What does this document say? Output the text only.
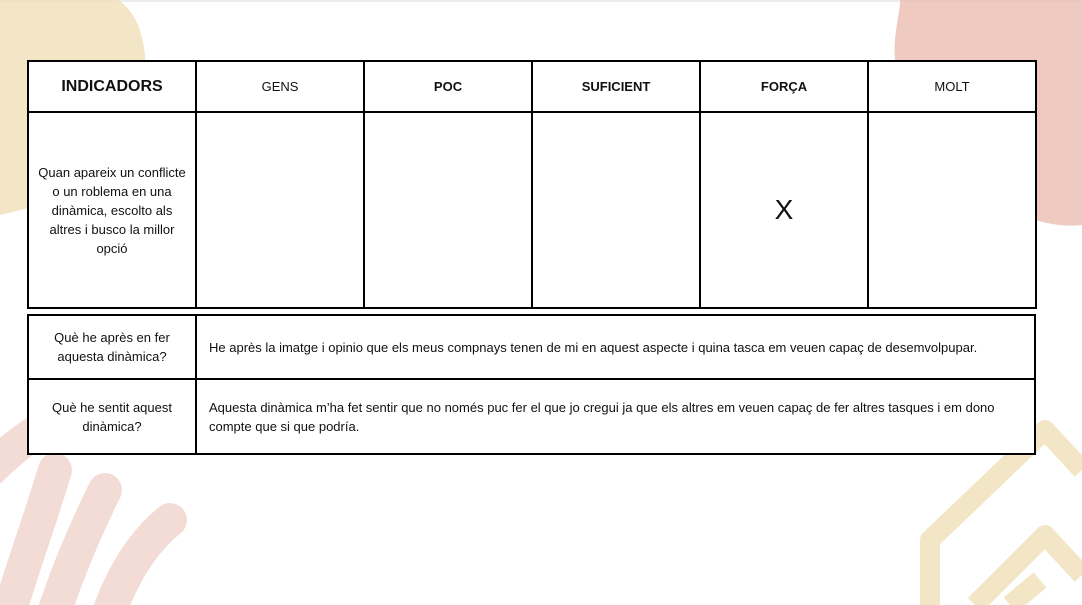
INDICADORS	GENS	POC	SUFICIENT	FORÇA	MOLT
Quan apareix un conflicte o un roblema en una dinàmica, escolto als altres i busco la millor opció				X	
Què he après en fer aquesta dinàmica?	He après la imatge i opinio que els meus compnays tenen de mi en aquest aspecte i quina tasca em veuen capaç de desemvolpupar.
Què he sentit aquest dinàmica?	Aquesta dinàmica m’ha fet sentir que no només puc fer el que jo cregui ja que els altres em veuen capaç de fer altres tasques i em dono compte que si que podría.
